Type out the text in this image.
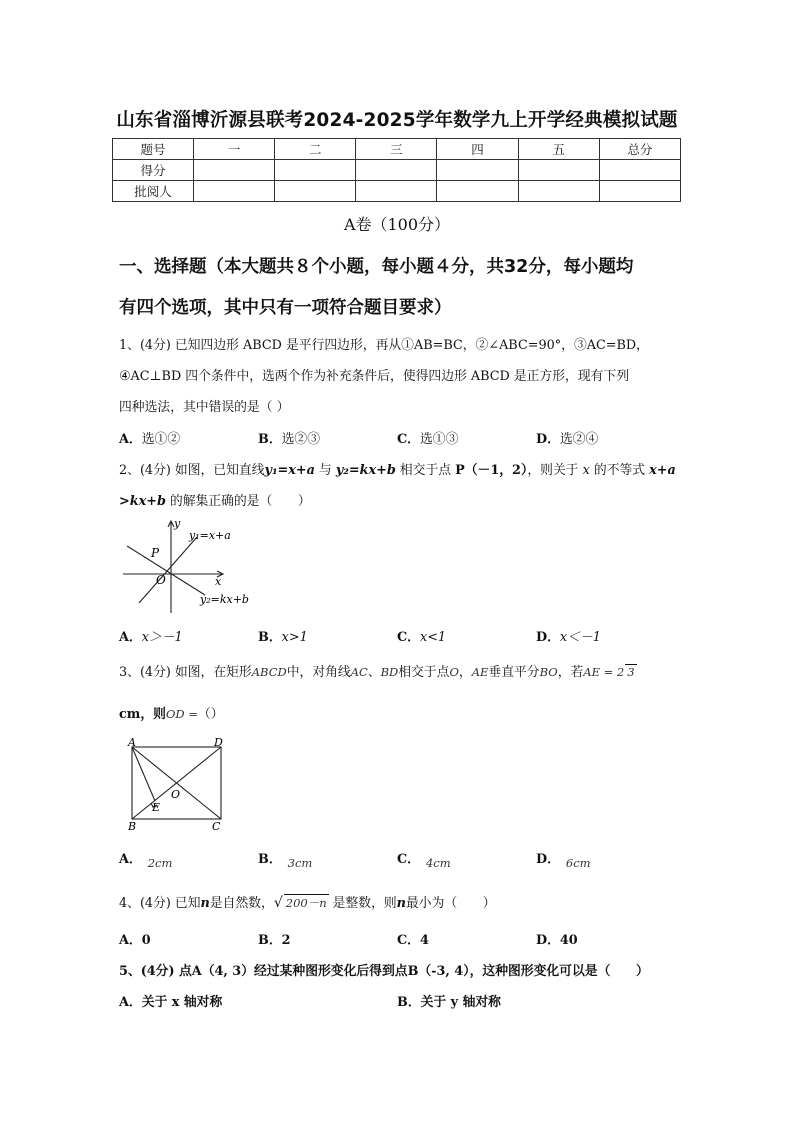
山东省淄博沂源县联考2024-2025学年数学九上开学经典模拟试题
题号	一	二	三	四	五	总分
得分						
批阅人						
A卷（100分）
一、选择题（本大题共８个小题，每小题４分，共32分，每小题均
有四个选项，其中只有一项符合题目要求）
1、(4分) 已知四边形 ABCD 是平行四边形，再从①AB=BC，②∠ABC=90°，③AC=BD，
④AC⊥BD 四个条件中，选两个作为补充条件后，使得四边形 ABCD 是正方形，现有下列
四种选法，其中错误的是（ ）
A．选①②	B．选②③	C．选①③	D．选②④
2、(4分) 如图，已知直线y₁=x+a 与 y₂=kx+b 相交于点 P（－1，2），则关于 x 的不等式 x+a
>kx+b 的解集正确的是（　　）
y
x
P
O
y₁=x+a
y₂=kx+b
A．x＞－1	B．x>1	C．x<1	D．x＜－1
3、(4分) 如图，在矩形ABCD中，对角线AC、BD相交于点O，AE垂直平分BO，若AE = 2 3
cm，则OD =（）
A	D
B	C
E
O
A． 2cm	B． 3cm	C． 4cm	D． 6cm
4、(4分) 已知n是自然数，√ 200－n 是整数，则n最小为（　　）
A．0	B．2	C．4	D．40
5、(4分) 点A（4, 3）经过某种图形变化后得到点B（-3, 4），这种图形变化可以是（　　）
A．关于 x 轴对称	B．关于 y 轴对称
